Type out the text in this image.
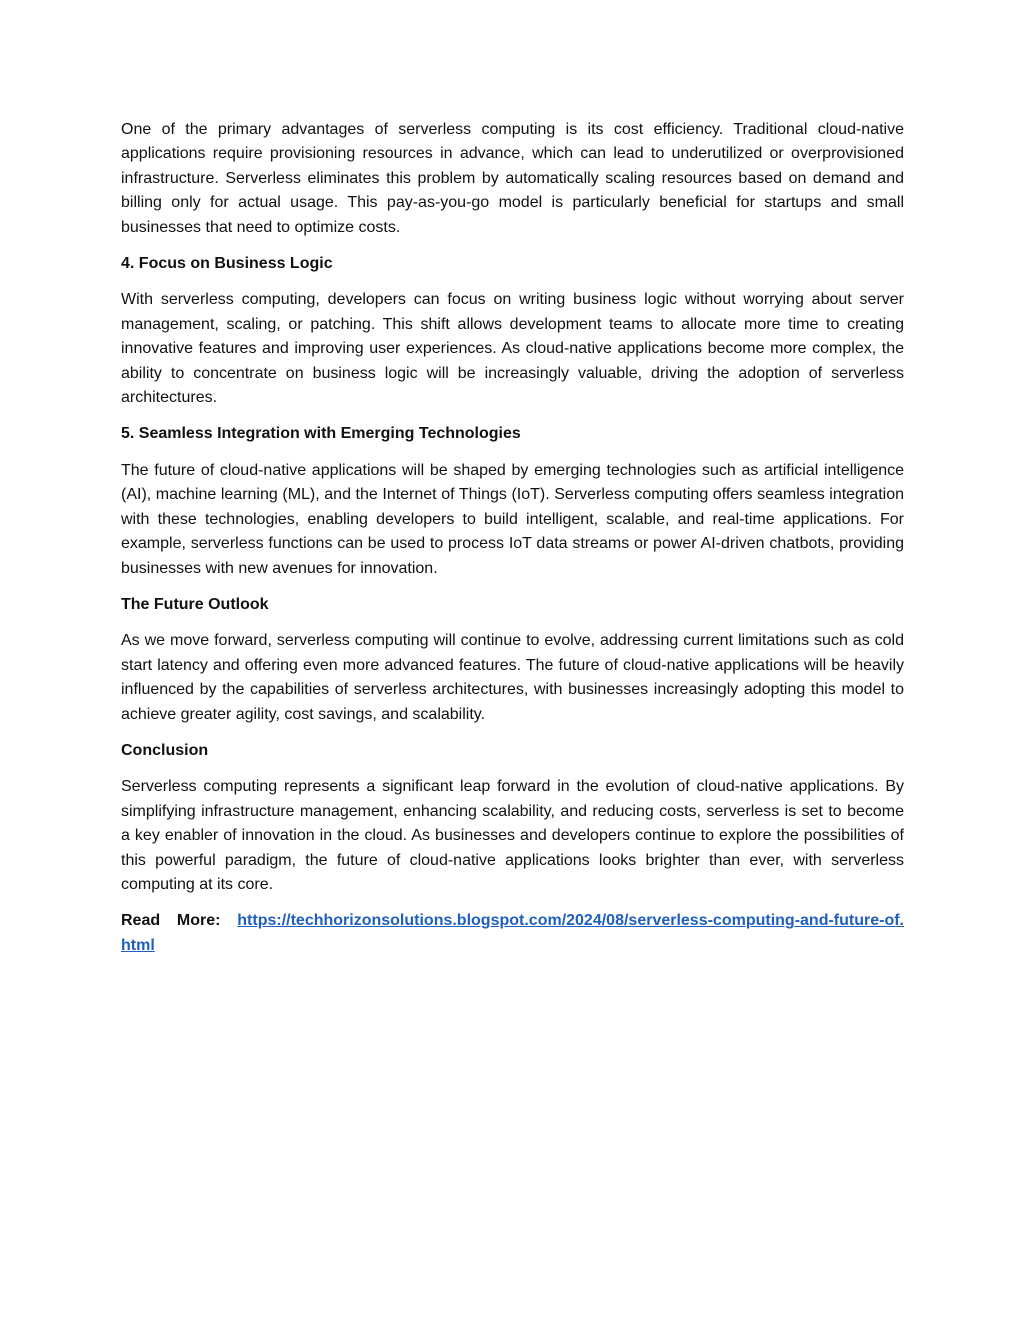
One of the primary advantages of serverless computing is its cost efficiency. Traditional cloud-native applications require provisioning resources in advance, which can lead to underutilized or overprovisioned infrastructure. Serverless eliminates this problem by automatically scaling resources based on demand and billing only for actual usage. This pay-as-you-go model is particularly beneficial for startups and small businesses that need to optimize costs.

4. Focus on Business Logic

With serverless computing, developers can focus on writing business logic without worrying about server management, scaling, or patching. This shift allows development teams to allocate more time to creating innovative features and improving user experiences. As cloud-native applications become more complex, the ability to concentrate on business logic will be increasingly valuable, driving the adoption of serverless architectures.

5. Seamless Integration with Emerging Technologies

The future of cloud-native applications will be shaped by emerging technologies such as artificial intelligence (AI), machine learning (ML), and the Internet of Things (IoT). Serverless computing offers seamless integration with these technologies, enabling developers to build intelligent, scalable, and real-time applications. For example, serverless functions can be used to process IoT data streams or power AI-driven chatbots, providing businesses with new avenues for innovation.

The Future Outlook

As we move forward, serverless computing will continue to evolve, addressing current limitations such as cold start latency and offering even more advanced features. The future of cloud-native applications will be heavily influenced by the capabilities of serverless architectures, with businesses increasingly adopting this model to achieve greater agility, cost savings, and scalability.

Conclusion

Serverless computing represents a significant leap forward in the evolution of cloud-native applications. By simplifying infrastructure management, enhancing scalability, and reducing costs, serverless is set to become a key enabler of innovation in the cloud. As businesses and developers continue to explore the possibilities of this powerful paradigm, the future of cloud-native applications looks brighter than ever, with serverless computing at its core.

Read More: https://techhorizonsolutions.blogspot.com/2024/08/serverless-computing-and-future-of.html
